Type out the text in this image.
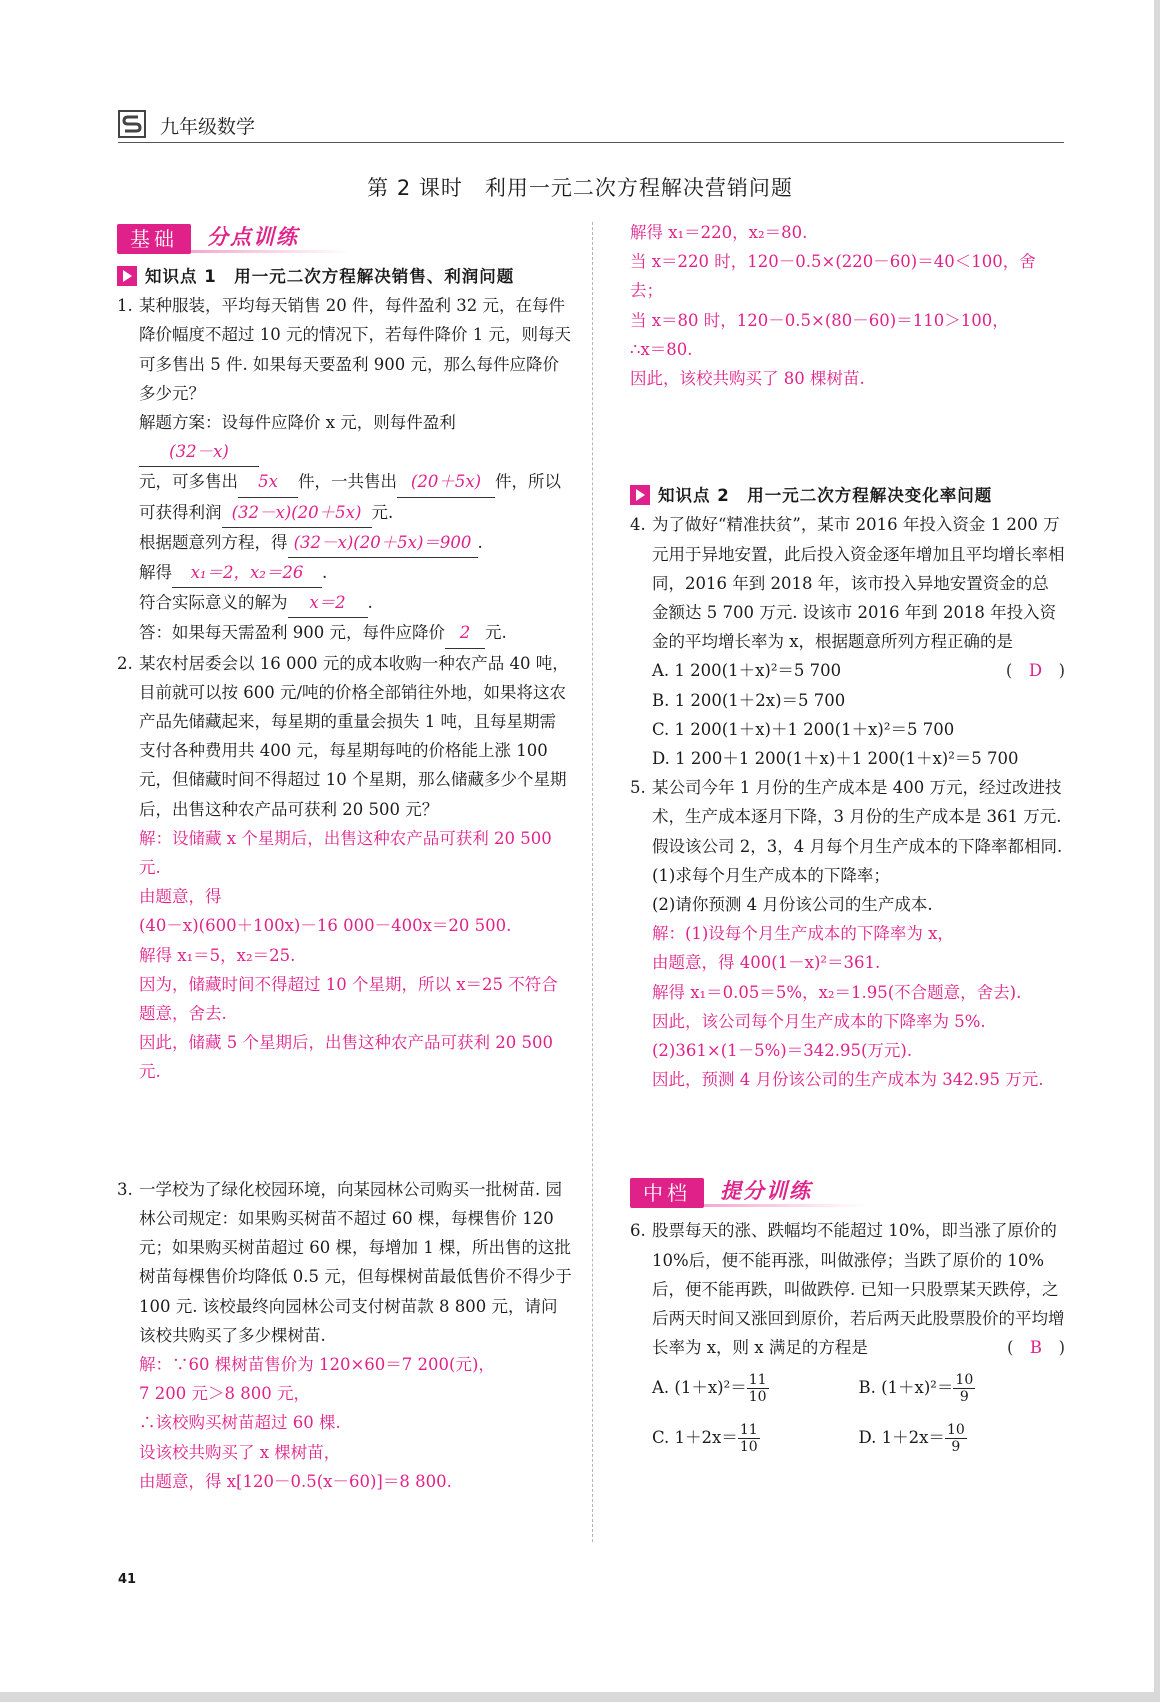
九年级数学
第 2 课时　利用一元二次方程解决营销问题
基础	分点训练

知识点 1　 用一元二次方程解决销售、利润问题

1. 某种服装，平均每天销售 20 件，每件盈利 32 元，在每件降价幅度不超过 10 元的情况下，若每件降价 1 元，则每天可多售出 5 件. 如果每天要盈利 900 元，那么每件应降价多少元？

解题方案：设每件应降价 x 元，则每件盈利(32－x)

元，可多售出 5x 件，一共售出 (20＋5x) 件，所以可获得利润 (32－x)(20＋5x) 元.

根据题意列方程，得 (32－x)(20＋5x)＝900 .

解得 x₁＝2，x₂＝26 .

符合实际意义的解为 x＝2 .

答：如果每天需盈利 900 元，每件应降价 2 元.

2. 某农村居委会以 16 000 元的成本收购一种农产品 40 吨，目前就可以按 600 元/吨的价格全部销往外地，如果将这农产品先储藏起来，每星期的重量会损失 1 吨，且每星期需支付各种费用共 400 元，每星期每吨的价格能上涨 100 元，但储藏时间不得超过 10 个星期，那么储藏多少个星期后，出售这种农产品可获利 20 500 元？

解：设储藏 x 个星期后，出售这种农产品可获利 20 500元.

由题意，得

(40－x)(600＋100x)－16 000－400x＝20 500.

解得 x₁＝5，x₂＝25.

因为，储藏时间不得超过 10 个星期，所以 x＝25 不符合题意，舍去.

因此，储藏 5 个星期后，出售这种农产品可获利 20 500 元.

3. 一学校为了绿化校园环境，向某园林公司购买一批树苗. 园林公司规定：如果购买树苗不超过 60 棵，每棵售价 120 元；如果购买树苗超过 60 棵，每增加 1 棵，所出售的这批树苗每棵售价均降低 0.5 元，但每棵树苗最低售价不得少于 100 元. 该校最终向园林公司支付树苗款 8 800 元，请问该校共购买了多少棵树苗.

解：∵60 棵树苗售价为 120×60＝7 200(元)，

7 200 元＞8 800 元，

∴该校购买树苗超过 60 棵.

设该校共购买了 x 棵树苗，

由题意，得 x[120－0.5(x－60)]＝8 800.

解得 x₁＝220，x₂＝80.

当 x＝220 时，120－0.5×(220－60)＝40＜100，舍去；

当 x＝80 时，120－0.5×(80－60)＝110＞100，

∴x＝80.

因此，该校共购买了 80 棵树苗.

知识点 2　 用一元二次方程解决变化率问题

4. 为了做好“精准扶贫”，某市 2016 年投入资金 1 200 万元用于异地安置，此后投入资金逐年增加且平均增长率相同，2016 年到 2018 年，该市投入异地安置资金的总金额达 5 700 万元. 设该市 2016 年到 2018 年投入资金的平均增长率为 x，根据题意所列方程正确的是
(　D　)

A. 1 200(1＋x)²＝5 700

B. 1 200(1＋2x)＝5 700

C. 1 200(1＋x)＋1 200(1＋x)²＝5 700

D. 1 200＋1 200(1＋x)＋1 200(1＋x)²＝5 700

5. 某公司今年 1 月份的生产成本是 400 万元，经过改进技术，生产成本逐月下降，3 月份的生产成本是 361 万元. 假设该公司 2，3，4 月每个月生产成本的下降率都相同.

(1)求每个月生产成本的下降率；

(2)请你预测 4 月份该公司的生产成本.

解：(1)设每个月生产成本的下降率为 x，

由题意，得 400(1－x)²＝361.

解得 x₁＝0.05＝5%，x₂＝1.95(不合题意，舍去).

因此，该公司每个月生产成本的下降率为 5%.

(2)361×(1－5%)＝342.95(万元).

因此，预测 4 月份该公司的生产成本为 342.95 万元.

中档	提分训练

6. 股票每天的涨、跌幅均不能超过 10%，即当涨了原价的 10%后，便不能再涨，叫做涨停；当跌了原价的 10%后，便不能再跌，叫做跌停. 已知一只股票某天跌停，之后两天时间又涨回到原价，若后两天此股票股价的平均增长率为 x，则 x 满足的方程是	(　B　)

A. $(1+x)^2= \frac{11}{10}$	B. $(1+x)^2= \frac{10}{9}$
C. $1+2x= \frac{11}{10}$	D. $1+2x= \frac{10}{9}$
41
